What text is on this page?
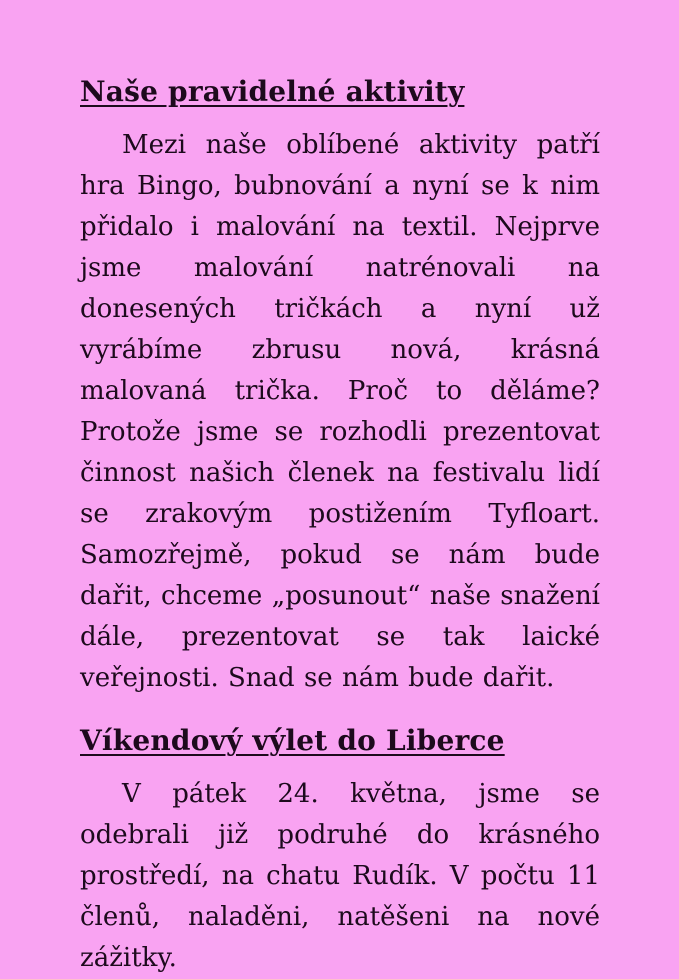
Naše pravidelné aktivity

Mezi naše oblíbené aktivity patří hra Bingo, bubnování a nyní se k nim přidalo i malování na textil. Nejprve jsme malování natrénovali na donesených tričkách a nyní už vyrábíme zbrusu nová, krásná malovaná trička. Proč to děláme? Protože jsme se rozhodli prezentovat činnost našich členek na festivalu lidí se zrakovým postižením Tyfloart. Samozřejmě, pokud se nám bude dařit, chceme „posunout“ naše snažení dále, prezentovat se tak laické veřejnosti. Snad se nám bude dařit.

Víkendový výlet do Liberce

V pátek 24. května, jsme se odebrali již podruhé do krásného prostředí, na chatu Rudík. V počtu 11 členů, naladěni, natěšeni na nové zážitky.
